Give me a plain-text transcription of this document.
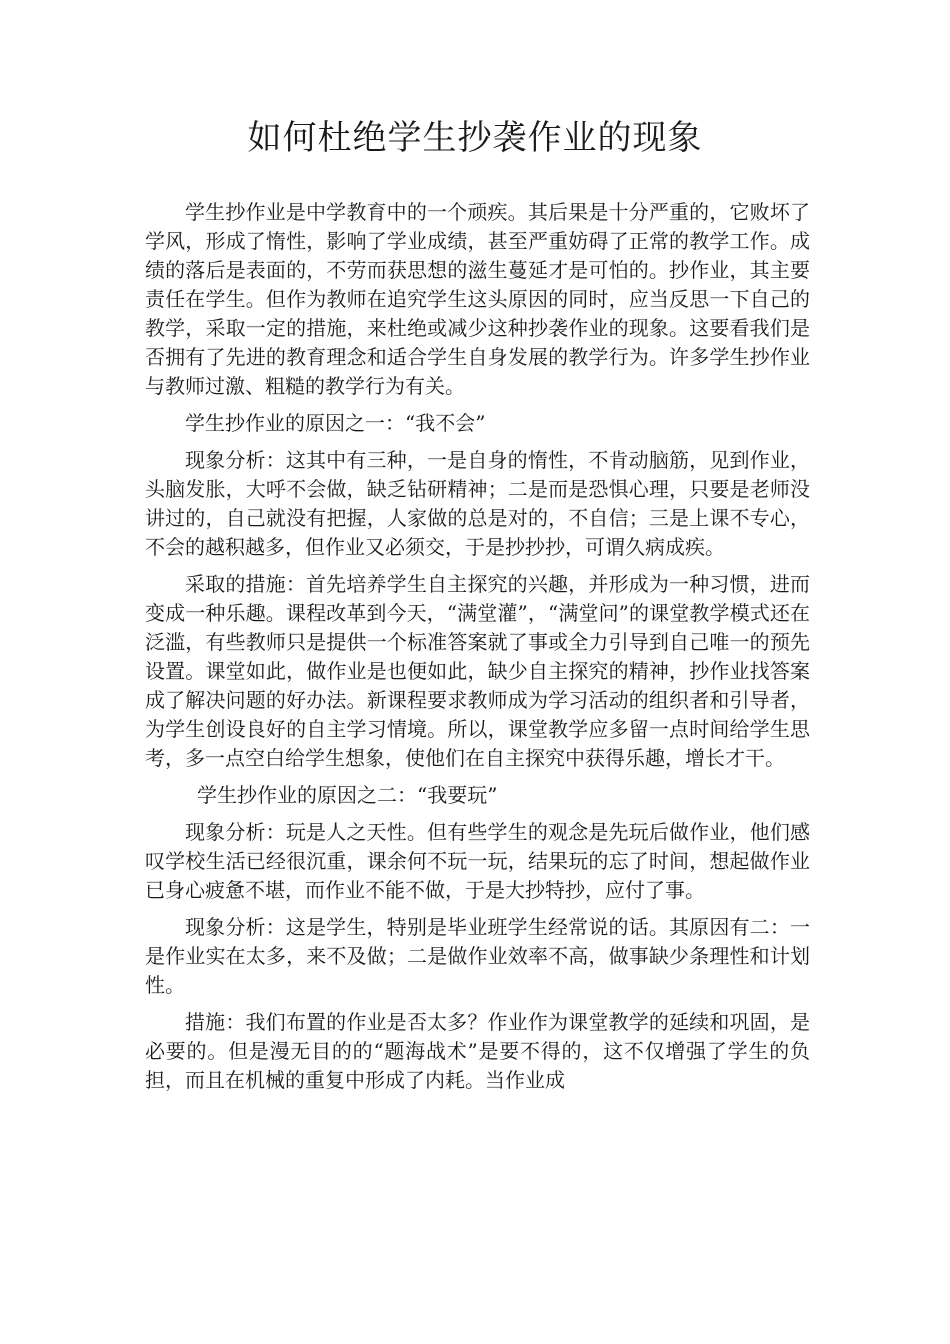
如何杜绝学生抄袭作业的现象

学生抄作业是中学教育中的一个顽疾。其后果是十分严重的，它败坏了学风，形成了惰性，影响了学业成绩，甚至严重妨碍了正常的教学工作。成绩的落后是表面的，不劳而获思想的滋生蔓延才是可怕的。抄作业，其主要责任在学生。但作为教师在追究学生这头原因的同时，应当反思一下自己的教学，采取一定的措施，来杜绝或减少这种抄袭作业的现象。这要看我们是否拥有了先进的教育理念和适合学生自身发展的教学行为。许多学生抄作业与教师过激、粗糙的教学行为有关。

学生抄作业的原因之一：“我不会”

现象分析：这其中有三种，一是自身的惰性，不肯动脑筋，见到作业，头脑发胀，大呼不会做，缺乏钻研精神；二是而是恐惧心理，只要是老师没讲过的，自己就没有把握，人家做的总是对的，不自信；三是上课不专心，不会的越积越多，但作业又必须交，于是抄抄抄，可谓久病成疾。

采取的措施：首先培养学生自主探究的兴趣，并形成为一种习惯，进而变成一种乐趣。课程改革到今天，“满堂灌”，“满堂问”的课堂教学模式还在泛滥，有些教师只是提供一个标准答案就了事或全力引导到自己唯一的预先设置。课堂如此，做作业是也便如此，缺少自主探究的精神，抄作业找答案成了解决问题的好办法。新课程要求教师成为学习活动的组织者和引导者，为学生创设良好的自主学习情境。所以，课堂教学应多留一点时间给学生思考，多一点空白给学生想象，使他们在自主探究中获得乐趣，增长才干。

学生抄作业的原因之二：“我要玩”

现象分析：玩是人之天性。但有些学生的观念是先玩后做作业，他们感叹学校生活已经很沉重，课余何不玩一玩，结果玩的忘了时间，想起做作业已身心疲惫不堪，而作业不能不做，于是大抄特抄，应付了事。

现象分析：这是学生，特别是毕业班学生经常说的话。其原因有二：一是作业实在太多，来不及做；二是做作业效率不高，做事缺少条理性和计划性。

措施：我们布置的作业是否太多？作业作为课堂教学的延续和巩固，是必要的。但是漫无目的的“题海战术”是要不得的，这不仅增强了学生的负担，而且在机械的重复中形成了内耗。当作业成
